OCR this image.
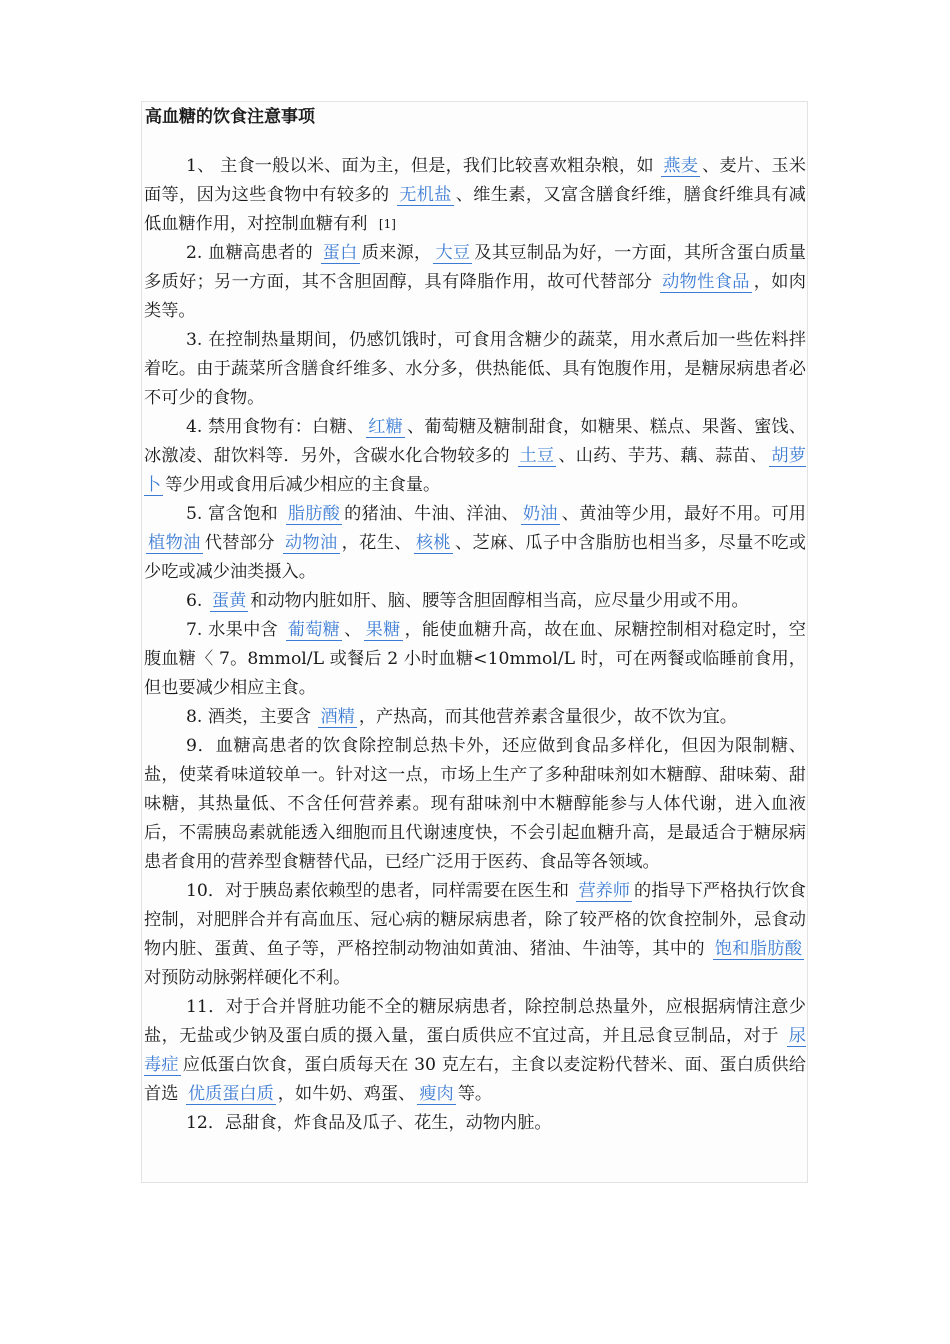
高血糖的饮食注意事项

1、 主食一般以米、面为主，但是，我们比较喜欢粗杂粮，如 燕麦 、麦片、玉米面等，因为这些食物中有较多的 无机盐 、维生素，又富含膳食纤维，膳食纤维具有减低血糖作用，对控制血糖有利 [1]

2. 血糖高患者的 蛋白 质来源， 大豆 及其豆制品为好，一方面，其所含蛋白质量多质好；另一方面，其不含胆固醇，具有降脂作用，故可代替部分 动物性食品 ，如肉类等。

3. 在控制热量期间，仍感饥饿时，可食用含糖少的蔬菜，用水煮后加一些佐料拌着吃。由于蔬菜所含膳食纤维多、水分多，供热能低、具有饱腹作用，是糖尿病患者必不可少的食物。

4. 禁用食物有：白糖、 红糖 、葡萄糖及糖制甜食，如糖果、糕点、果酱、蜜饯、冰激凌、甜饮料等．另外，含碳水化合物较多的 土豆 、山药、芋艿、藕、蒜苗、 胡萝卜 等少用或食用后减少相应的主食量。

5. 富含饱和 脂肪酸 的猪油、牛油、洋油、 奶油 、黄油等少用，最好不用。可用 植物油 代替部分 动物油 ，花生、 核桃 、芝麻、瓜子中含脂肪也相当多，尽量不吃或少吃或减少油类摄入。

6. 蛋黄 和动物内脏如肝、脑、腰等含胆固醇相当高，应尽量少用或不用。

7. 水果中含 葡萄糖 、 果糖 ，能使血糖升高，故在血、尿糖控制相对稳定时，空腹血糖〈 7。8mmol/L 或餐后 2 小时血糖<10mmol/L 时，可在两餐或临睡前食用，但也要减少相应主食。

8. 酒类，主要含 酒精 ，产热高，而其他营养素含量很少，故不饮为宜。

9．血糖高患者的饮食除控制总热卡外，还应做到食品多样化，但因为限制糖、盐，使菜肴味道较单一。针对这一点，市场上生产了多种甜味剂如木糖醇、甜味菊、甜味糖，其热量低、不含任何营养素。现有甜味剂中木糖醇能参与人体代谢，进入血液后，不需胰岛素就能透入细胞而且代谢速度快，不会引起血糖升高，是最适合于糖尿病患者食用的营养型食糖替代品，已经广泛用于医药、食品等各领域。

10．对于胰岛素依赖型的患者，同样需要在医生和 营养师 的指导下严格执行饮食控制，对肥胖合并有高血压、冠心病的糖尿病患者，除了较严格的饮食控制外，忌食动物内脏、蛋黄、鱼子等，严格控制动物油如黄油、猪油、牛油等，其中的 饱和脂肪酸对预防动脉粥样硬化不利。

11．对于合并肾脏功能不全的糖尿病患者，除控制总热量外，应根据病情注意少盐，无盐或少钠及蛋白质的摄入量，蛋白质供应不宜过高，并且忌食豆制品，对于 尿毒症 应低蛋白饮食，蛋白质每天在 30 克左右，主食以麦淀粉代替米、面、蛋白质供给首选 优质蛋白质 ，如牛奶、鸡蛋、 瘦肉 等。

12．忌甜食，炸食品及瓜子、花生，动物内脏。
